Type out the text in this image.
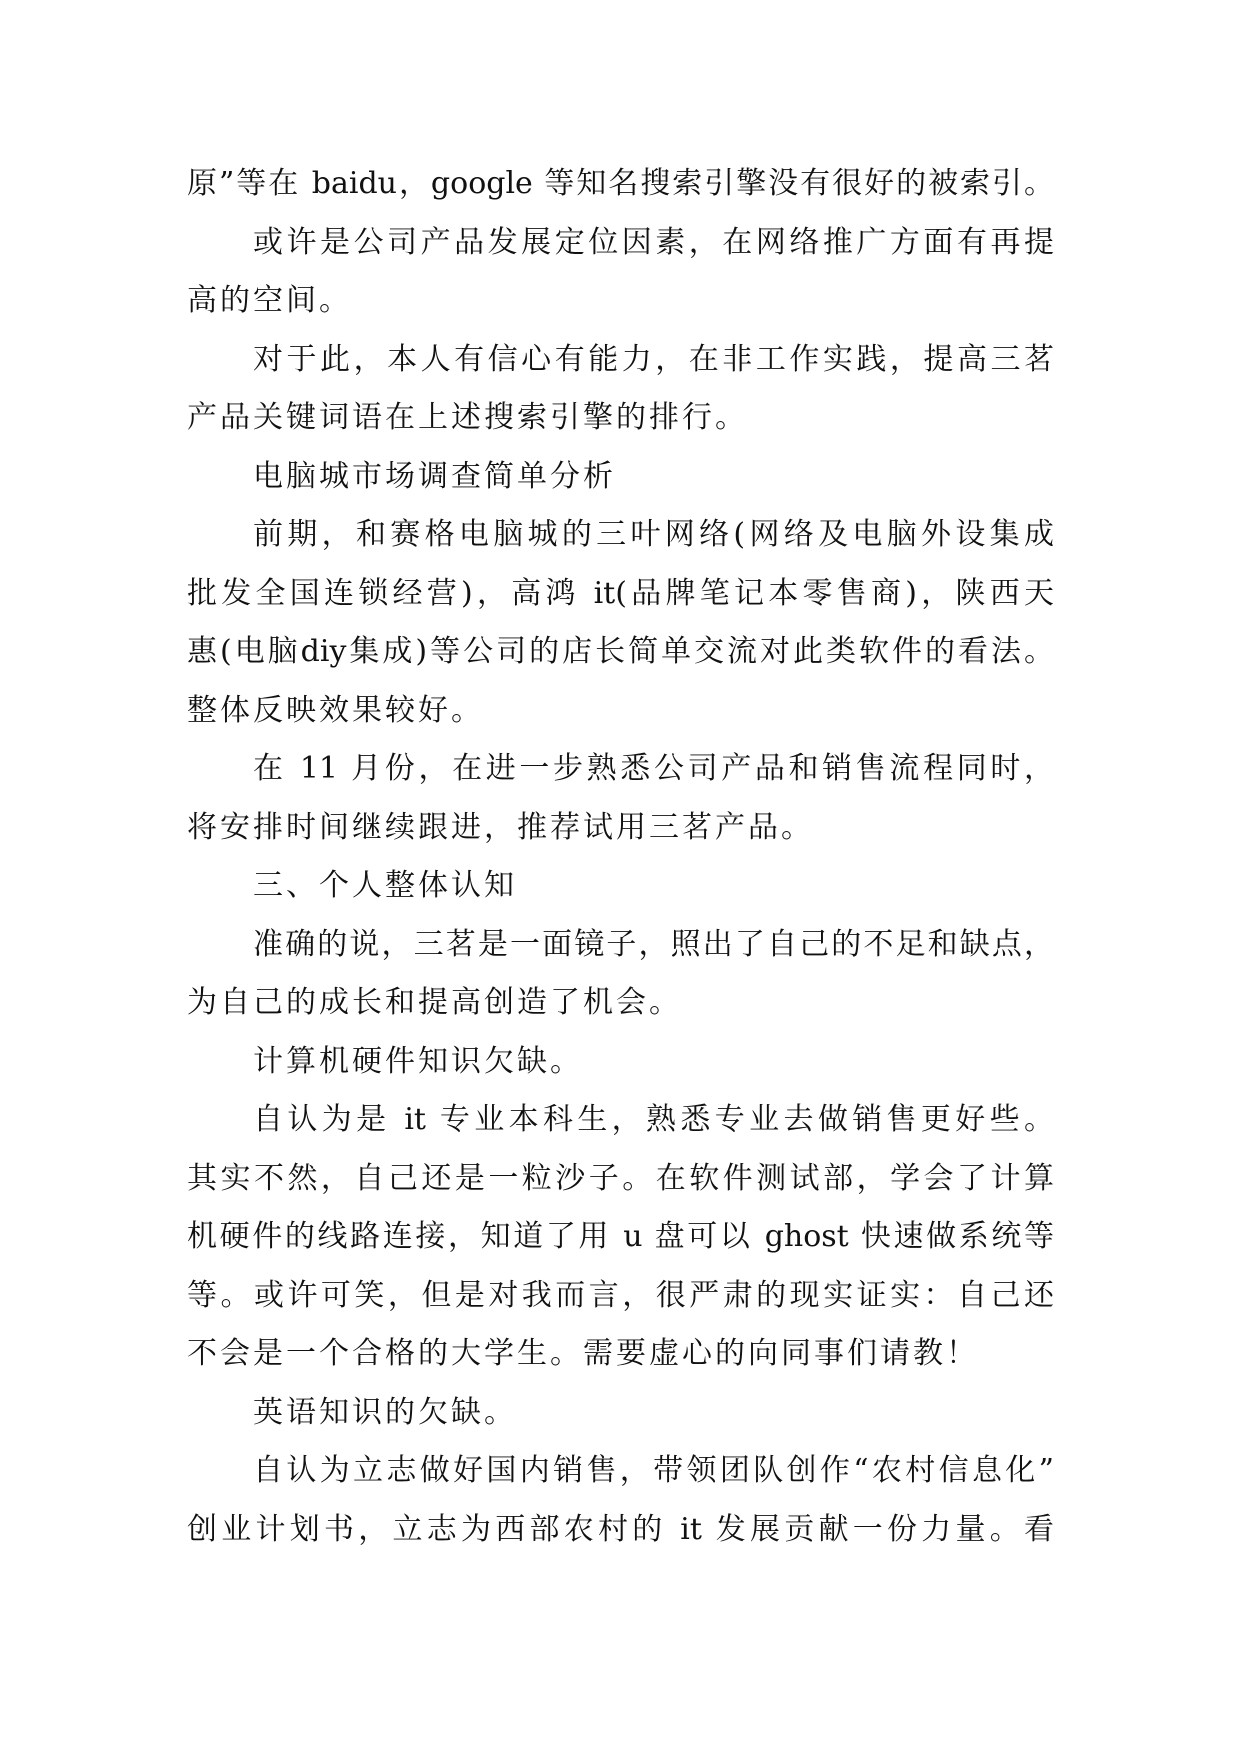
原”等在 baidu，google 等知名搜索引擎没有很好的被索引。
或许是公司产品发展定位因素，在网络推广方面有再提
高的空间。
对于此，本人有信心有能力，在非工作实践，提高三茗
产品关键词语在上述搜索引擎的排行。
电脑城市场调查简单分析
前期，和赛格电脑城的三叶网络(网络及电脑外设集成
批发全国连锁经营)，高鸿 it(品牌笔记本零售商)，陕西天
惠(电脑diy集成)等公司的店长简单交流对此类软件的看法。
整体反映效果较好。
在 11 月份，在进一步熟悉公司产品和销售流程同时，
将安排时间继续跟进，推荐试用三茗产品。
三、个人整体认知
准确的说，三茗是一面镜子，照出了自己的不足和缺点，
为自己的成长和提高创造了机会。
计算机硬件知识欠缺。
自认为是 it 专业本科生，熟悉专业去做销售更好些。
其实不然，自己还是一粒沙子。在软件测试部，学会了计算
机硬件的线路连接，知道了用 u 盘可以 ghost 快速做系统等
等。或许可笑，但是对我而言，很严肃的现实证实：自己还
不会是一个合格的大学生。需要虚心的向同事们请教！
英语知识的欠缺。
自认为立志做好国内销售，带领团队创作“农村信息化”
创业计划书，立志为西部农村的 it 发展贡献一份力量。看
